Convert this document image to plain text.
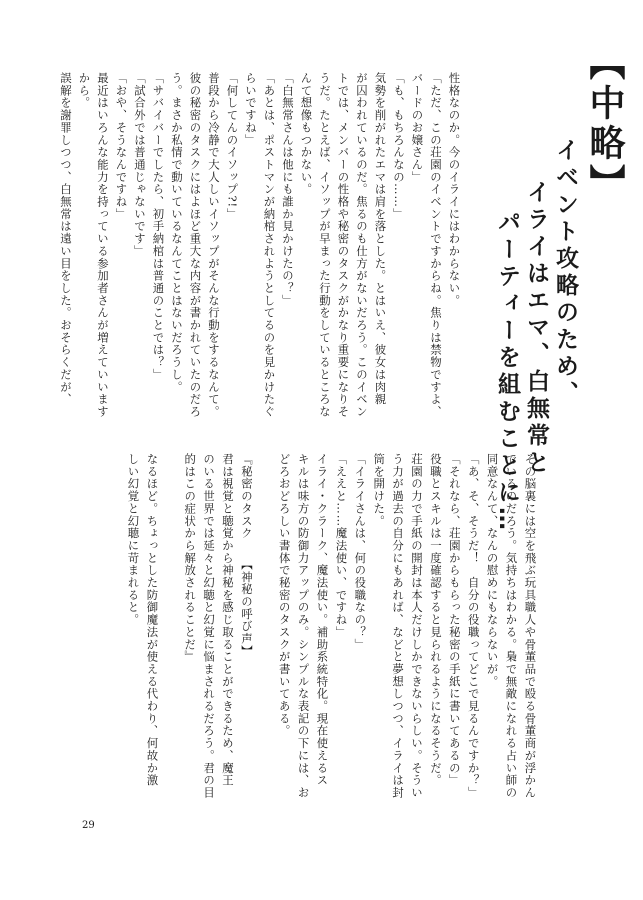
【中略】
イベント攻略のため、
イライはエマ、白無常と
パーティーを組むことに…
性格なのか。今のイライにはわからない。
「ただ、この荘園のイベントですからね。焦りは禁物ですよ、
バードのお嬢さん」
「も、もちろんなの……」
気勢を削がれたエマは肩を落とした。とはいえ、彼女は肉親
が囚われているのだ。焦るのも仕方がないだろう。このイベン
トでは、メンバーの性格や秘密のタスクがかなり重要になりそ
うだ。たとえば、イソップが早まった行動をしているところな
んて想像もつかない。
「白無常さんは他にも誰か見かけたの？」
「あとは、ポストマンが納棺されようとしてるのを見かけたぐ
らいですね」
「何してんのイソップ?!」
普段から冷静で大人しいイソップがそんな行動をするなんて。
彼の秘密のタスクにはよほど重大な内容が書かれていたのだろ
う。まさか私情で動いているなんてことはないだろうし。
「サバイバーでしたら、初手納棺は普通のことでは？」
「試合外では普通じゃないです」
「おや、そうなんですね」
最近はいろんな能力を持っている参加者さんが増えていいます
から。
誤解を謝罪しつつ、白無常は遠い目をした。おそらくだが、
その脳裏には空を飛ぶ玩具職人や骨董品で殴る骨董商が浮かん
でいるのだろう。気持ちはわかる。梟で無敵になれる占い師の
同意なんて、なんの慰めにもならないが。
「あ、そ、そうだ！　自分の役職ってどこで見るんですか？」
「それなら、荘園からもらった秘密の手紙に書いてあるの」
役職とスキルは一度確認すると見られるようになるそうだ。
荘園の力で手紙の開封は本人だけしかできないらしい。そうい
う力が過去の自分にもあれば、などと夢想しつつ、イライは封
筒を開けた。
「イライさんは、何の役職なの？」
「ええと……魔法使い、ですね」
イライ・クラーク、魔法使い。補助系統特化。現在使えるス
キルは味方の防御力アップのみ。シンプルな表記の下には、お
どろおどろしい書体で秘密のタスクが書いてある。
『秘密のタスク　　【神秘の呼び声】
君は視覚と聴覚から神秘を感じ取ることができるため、魔王
のいる世界では延々と幻聴と幻覚に悩まされるだろう。君の目
的はこの症状から解放されることだ』
なるほど。ちょっとした防御魔法が使える代わり、何故か激
しい幻覚と幻聴に苛まれると。
29
